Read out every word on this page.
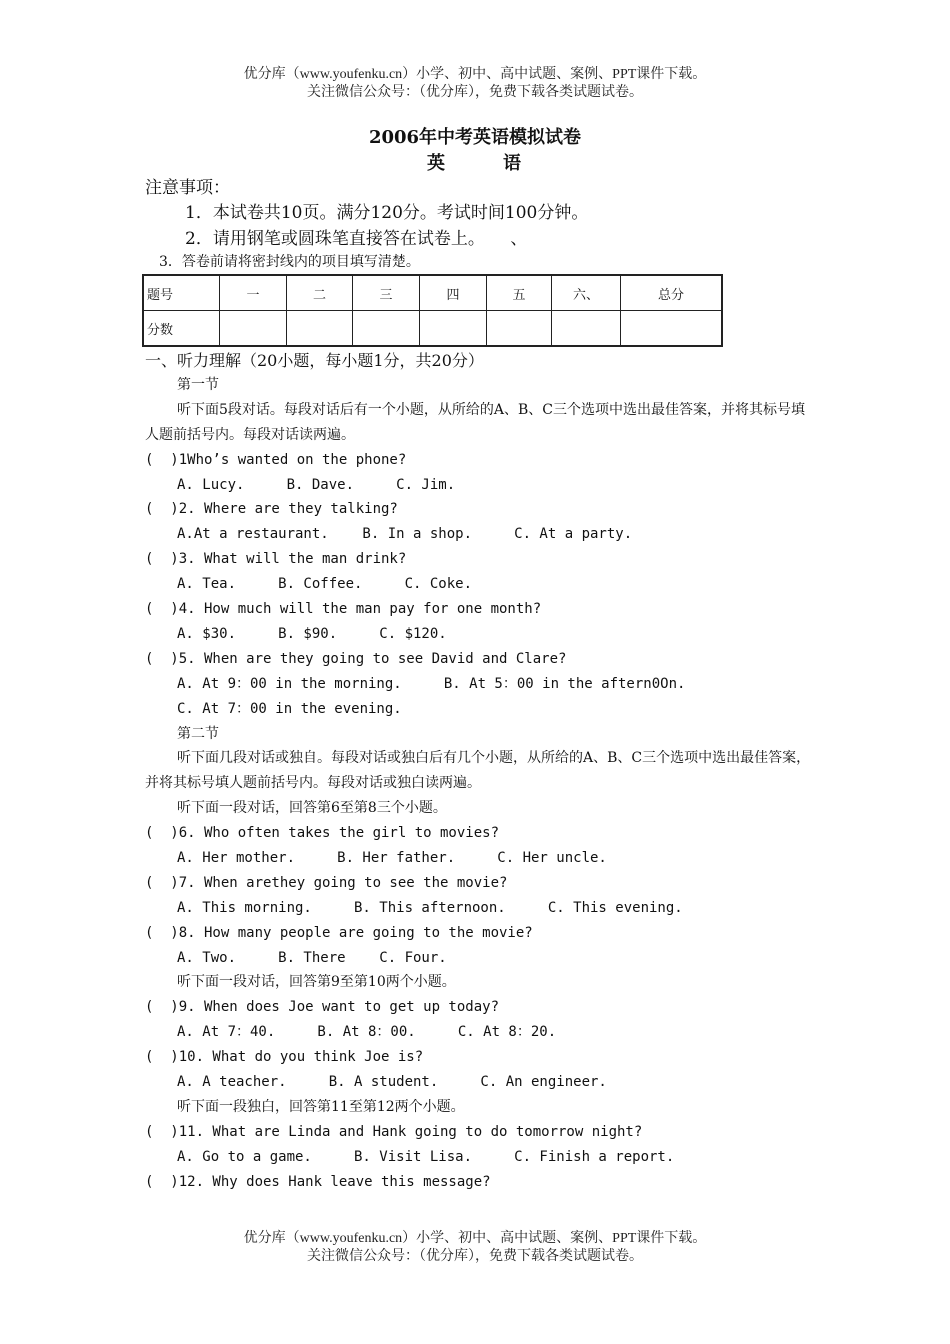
优分库（www.youfenku.cn）小学、初中、高中试题、案例、PPT课件下载。
关注微信公众号：（优分库），免费下载各类试题试卷。
2006年中考英语模拟试卷
英	语
注意事项：
1．本试卷共10页。满分120分。考试时间100分钟。
2．请用钢笔或圆珠笔直接答在试卷上。　　、
3．答卷前请将密封线内的项目填写清楚。
题号	一	二	三	四	五	六、	总分
分数							
一、听力理解（20小题，每小题1分，共20分）
第一节
听下面5段对话。每段对话后有一个小题，从所给的A、B、C三个选项中选出最佳答案，并将其标号填人题前括号内。每段对话读两遍。
(  )1Who’s wanted on the phone?
A. Lucy.     B. Dave.     C. Jim.
(  )2. Where are they talking?
A.At a restaurant.    B. In a shop.     C. At a party.
(  )3. What will the man drink?
A. Tea.     B. Coffee.     C. Coke.
(  )4. How much will the man pay for one month?
A. $30.     B. $90.     C. $120.
(  )5. When are they going to see David and Clare?
A. At 9：00 in the morning.     B. At 5：00 in the aftern0On.
C. At 7：00 in the evening.
第二节
听下面几段对话或独自。每段对话或独白后有几个小题，从所给的A、B、C三个选项中选出最佳答案，并将其标号填人题前括号内。每段对话或独白读两遍。
听下面一段对话，回答第6至第8三个小题。
(  )6. Who often takes the girl to movies?
A. Her mother.     B. Her father.     C. Her uncle.
(  )7. When arethey going to see the movie?
A. This morning.     B. This afternoon.     C. This evening.
(  )8. How many people are going to the movie?
A. Two.     B. There    C. Four.
听下面一段对话，回答第9至第10两个小题。
(  )9. When does Joe want to get up today?
A. At 7：40.     B. At 8：00.     C. At 8：20.
(  )10. What do you think Joe is?
A. A teacher.     B. A student.     C. An engineer.
听下面一段独白，回答第11至第12两个小题。
(  )11. What are Linda and Hank going to do tomorrow night?
A. Go to a game.     B. Visit Lisa.     C. Finish a report.
(  )12. Why does Hank leave this message?
优分库（www.youfenku.cn）小学、初中、高中试题、案例、PPT课件下载。
关注微信公众号：（优分库），免费下载各类试题试卷。
